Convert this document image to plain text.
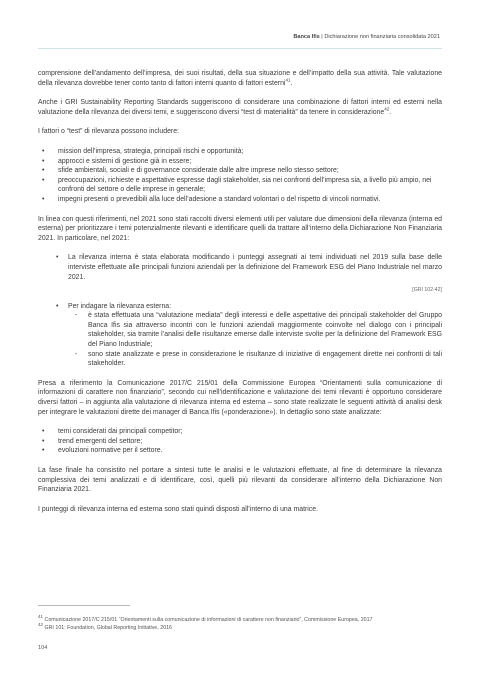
Banca Ifis | Dichiarazione non finanziaria consolidata 2021

comprensione dell’andamento dell’impresa, dei suoi risultati, della sua situazione e dell’impatto della sua attività. Tale valutazione della rilevanza dovrebbe tener conto tanto di fattori interni quanto di fattori esterni$^{41}$.

Anche i GRI Sustainability Reporting Standards suggeriscono di considerare una combinazione di fattori interni ed esterni nella valutazione della rilevanza dei diversi temi, e suggeriscono diversi “test di materialità” da tenere in considerazione$^{42}$.

I fattori o “test” di rilevanza possono includere:

• mission dell’impresa, strategia, principali rischi e opportunità;
• approcci e sistemi di gestione già in essere;
• sfide ambientali, sociali e di governance considerate dalle altre imprese nello stesso settore;
• preoccupazioni, richieste e aspettative espresse dagli stakeholder, sia nei confronti dell’impresa sia, a livello più ampio, nei confronti del settore o delle imprese in generale;
• impegni presenti o prevedibili alla luce dell’adesione a standard volontari o del rispetto di vincoli normativi.

In linea con questi riferimenti, nel 2021 sono stati raccolti diversi elementi utili per valutare due dimensioni della rilevanza (interna ed esterna) per prioritizzare i temi potenzialmente rilevanti e identificare quelli da trattare all’interno della Dichiarazione Non Finanziaria 2021. In particolare, nel 2021:

• La rilevanza interna è stata elaborata modificando i punteggi assegnati ai temi individuati nel 2019 sulla base delle interviste effettuate alle principali funzioni aziendali per la definizione del Framework ESG del Piano Industriale nel marzo 2021.
[GRI 102-42]
• Per indagare la rilevanza esterna:
- è stata effettuata una “valutazione mediata” degli interessi e delle aspettative dei principali stakeholder del Gruppo Banca Ifis sia attraverso incontri con le funzioni aziendali maggiormente coinvolte nel dialogo con i principali stakeholder, sia tramite l’analisi delle risultanze emerse dalle interviste svolte per la definizione del Framework ESG del Piano Industriale;
- sono state analizzate e prese in considerazione le risultanze di iniziative di engagement dirette nei confronti di tali stakeholder.

Presa a riferimento la Comunicazione 2017/C 215/01 della Commissione Europea “Orientamenti sulla comunicazione di informazioni di carattere non finanziario”, secondo cui nell’identificazione e valutazione dei temi rilevanti è opportuno considerare diversi fattori – in aggiunta alla valutazione di rilevanza interna ed esterna – sono state realizzate le seguenti attività di analisi desk per integrare le valutazioni dirette dei manager di Banca Ifis («ponderazione»). In dettaglio sono state analizzate:

• temi considerati dai principali competitor;
• trend emergenti del settore;
• evoluzioni normative per il settore.

La fase finale ha consistito nel portare a sintesi tutte le analisi e le valutazioni effettuate, al fine di determinare la rilevanza complessiva dei temi analizzati e di identificare, così, quelli più rilevanti da considerare all’interno della Dichiarazione Non Finanziaria 2021.

I punteggi di rilevanza interna ed esterna sono stati quindi disposti all’interno di una matrice.

$^{41}$ Comunicazione 2017/C 215/01 “Orientamenti sulla comunicazione di informazioni di carattere non finanziario”, Commissione Europea, 2017
$^{42}$ GRI 101: Foundation, Global Reporting Initiative, 2016
104
